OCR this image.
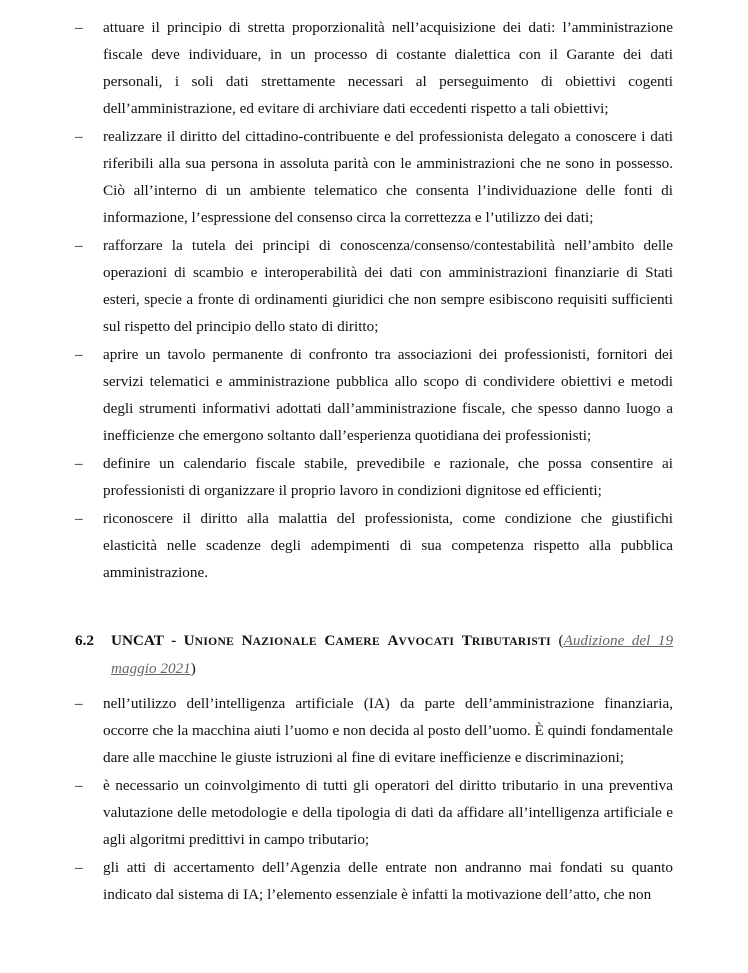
–	attuare il principio di stretta proporzionalità nell’acquisizione dei dati: l’amministrazione fiscale deve individuare, in un processo di costante dialettica con il Garante dei dati personali, i soli dati strettamente necessari al perseguimento di obiettivi cogenti dell’amministrazione, ed evitare di archiviare dati eccedenti rispetto a tali obiettivi;
–	realizzare il diritto del cittadino-contribuente e del professionista delegato a conoscere i dati riferibili alla sua persona in assoluta parità con le amministrazioni che ne sono in possesso. Ciò all’interno di un ambiente telematico che consenta l’individuazione delle fonti di informazione, l’espressione del consenso circa la correttezza e l’utilizzo dei dati;
–	rafforzare la tutela dei principi di conoscenza/consenso/contestabilità nell’ambito delle operazioni di scambio e interoperabilità dei dati con amministrazioni finanziarie di Stati esteri, specie a fronte di ordinamenti giuridici che non sempre esibiscono requisiti sufficienti sul rispetto del principio dello stato di diritto;
–	aprire un tavolo permanente di confronto tra associazioni dei professionisti, fornitori dei servizi telematici e amministrazione pubblica allo scopo di condividere obiettivi e metodi degli strumenti informativi adottati dall’amministrazione fiscale, che spesso danno luogo a inefficienze che emergono soltanto dall’esperienza quotidiana dei professionisti;
–	definire un calendario fiscale stabile, prevedibile e razionale, che possa consentire ai professionisti di organizzare il proprio lavoro in condizioni dignitose ed efficienti;
–	riconoscere il diritto alla malattia del professionista, come condizione che giustifichi elasticità nelle scadenze degli adempimenti di sua competenza rispetto alla pubblica amministrazione.
6.2	UNCAT - UNIONE NAZIONALE CAMERE AVVOCATI TRIBUTARISTI (Audizione del 19 maggio 2021)
–	nell’utilizzo dell’intelligenza artificiale (IA) da parte dell’amministrazione finanziaria, occorre che la macchina aiuti l’uomo e non decida al posto dell’uomo. È quindi fondamentale dare alle macchine le giuste istruzioni al fine di evitare inefficienze e discriminazioni;
–	è necessario un coinvolgimento di tutti gli operatori del diritto tributario in una preventiva valutazione delle metodologie e della tipologia di dati da affidare all’intelligenza artificiale e agli algoritmi predittivi in campo tributario;
–	gli atti di accertamento dell’Agenzia delle entrate non andranno mai fondati su quanto indicato dal sistema di IA; l’elemento essenziale è infatti la motivazione dell’atto, che non
